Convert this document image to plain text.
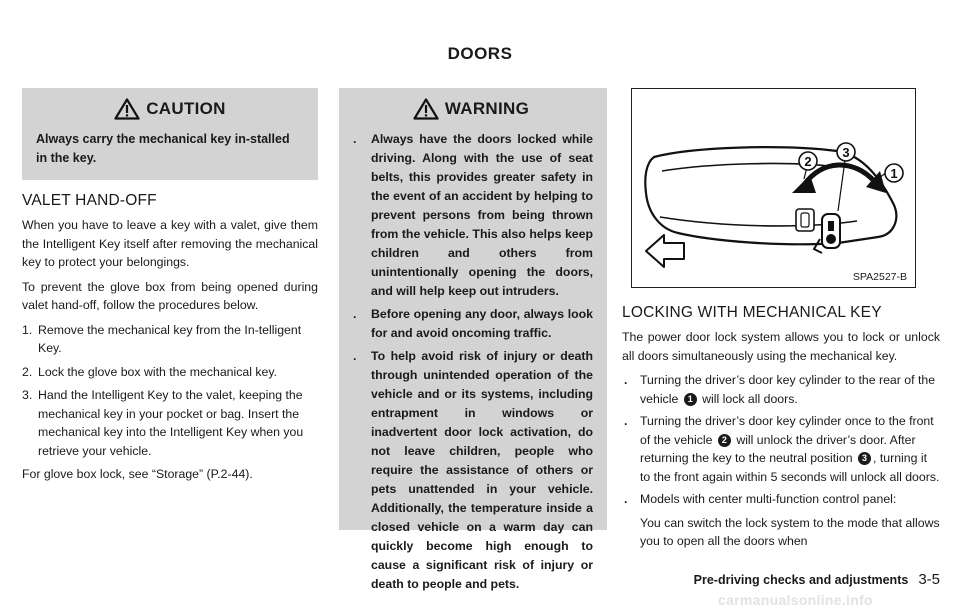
DOORS
CAUTION
Always carry the mechanical key in-stalled in the key.
VALET HAND-OFF

When you have to leave a key with a valet, give them the Intelligent Key itself after removing the mechanical key to protect your belongings.

To prevent the glove box from being opened during valet hand-off, follow the procedures below.

1. Remove the mechanical key from the In-telligent Key.
2. Lock the glove box with the mechanical key.
3. Hand the Intelligent Key to the valet, keeping the mechanical key in your pocket or bag. Insert the mechanical key into the Intelligent Key when you retrieve your vehicle.

For glove box lock, see “Storage” (P.2-44).

WARNING
.	Always have the doors locked while driving. Along with the use of seat belts, this provides greater safety in the event of an accident by helping to prevent persons from being thrown from the vehicle. This also helps keep children and others from unintentionally opening the doors, and will help keep out intruders.
.	Before opening any door, always look for and avoid oncoming traffic.
.	To help avoid risk of injury or death through unintended operation of the vehicle and or its systems, including entrapment in windows or inadvertent door lock activation, do not leave children, people who require the assistance of others or pets unattended in your vehicle. Additionally, the temperature inside a closed vehicle on a warm day can quickly become high enough to cause a significant risk of injury or death to people and pets.
2
3
1
SPA2527-B
LOCKING WITH MECHANICAL KEY

The power door lock system allows you to lock or unlock all doors simultaneously using the mechanical key.

.	Turning the driver’s door key cylinder to the rear of the vehicle 1 will lock all doors.
.	Turning the driver’s door key cylinder once to the front of the vehicle 2 will unlock the driver’s door. After returning the key to the neutral position 3 , turning it to the front again within 5 seconds will unlock all doors.
.	Models with center multi-function control panel:
You can switch the lock system to the mode that allows you to open all the doors when
Pre-driving checks and adjustments 3-5
carmanualsonline.info
